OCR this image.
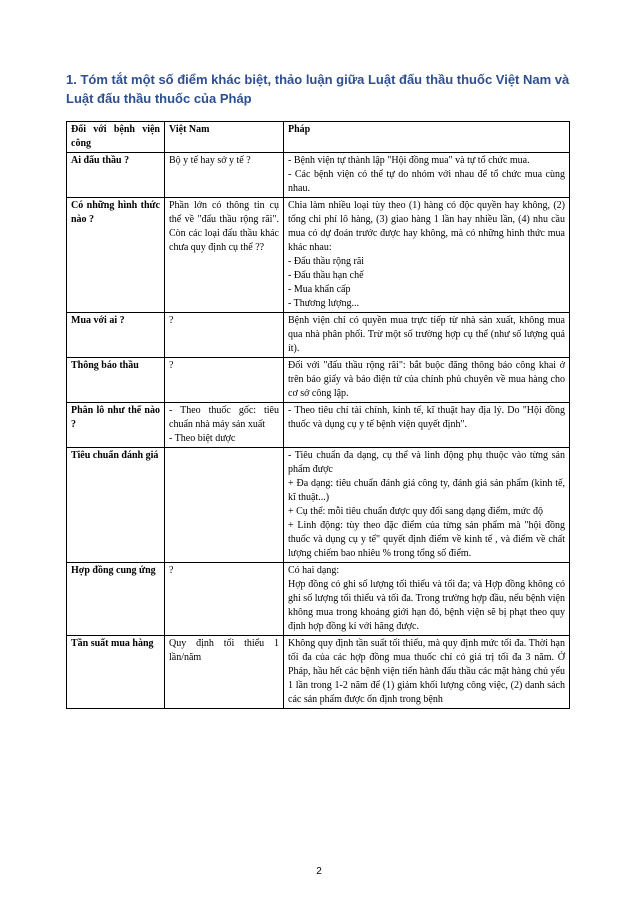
1. Tóm tắt một số điểm khác biệt, thảo luận giữa Luật đấu thầu thuốc Việt Nam và Luật đấu thầu thuốc của Pháp
Đối với bệnh viện công	Việt Nam	Pháp
Ai đấu thầu ?	Bộ y tế hay sở y tế ?	- Bệnh viện tự thành lập "Hội đồng mua" và tự tổ chức mua.
- Các bệnh viện có thể tự do nhóm với nhau để tổ chức mua cùng nhau.

Có những hình thức nào ?	Phần lớn có thông tin cụ thể về "đấu thầu rộng rãi". Còn các loại đấu thầu khác chưa quy định cụ thể ??	Chia làm nhiều loại tùy theo (1) hàng có độc quyền hay không, (2) tổng chi phí lô hàng, (3) giao hàng 1 lần hay nhiều lần, (4) nhu cầu mua có dự đoán trước được hay không, mà có những hình thức mua khác nhau:
- Đấu thầu rộng rãi
- Đấu thầu hạn chế
- Mua khẩn cấp
- Thương lượng...

Mua với ai ?	?	Bệnh viện chỉ có quyền mua trực tiếp từ nhà sản xuất, không mua qua nhà phân phối. Trừ một số trường hợp cụ thể (như số lượng quá ít).

Thông báo thầu	?	Đối với "đấu thầu rộng rãi": bắt buộc đăng thông báo công khai ở trên báo giấy và báo điện tử của chính phủ chuyên về mua hàng cho cơ sở công lập.

Phân lô như thế nào ?	- Theo thuốc gốc: tiêu chuẩn nhà máy sản xuất
- Theo biệt dược	- Theo tiêu chí tài chính, kinh tế, kĩ thuật hay địa lý. Do "Hội đồng thuốc và dụng cụ y tế bệnh viện quyết định".

Tiêu chuẩn đánh giá		- Tiêu chuẩn đa dạng, cụ thể và linh động phụ thuộc vào từng sản phẩm được
+ Đa dạng: tiêu chuẩn đánh giá công ty, đánh giá sản phẩm (kinh tế, kĩ thuật...)
+ Cụ thể: mỗi tiêu chuẩn được quy đổi sang dạng điểm, mức độ
+ Linh động: tùy theo đặc điểm của từng sản phẩm mà "hội đồng thuốc và dụng cụ y tế" quyết định điểm về kinh tế , và điểm về chất lượng chiếm bao nhiêu % trong tổng số điểm.

Hợp đồng cung ứng	?	Có hai dạng:
Hợp đồng có ghi số lượng tối thiểu và tối đa; và Hợp đồng không có ghi số lượng tối thiểu và tối đa. Trong trường hợp đầu, nếu bệnh viện không mua trong khoảng giới hạn đó, bệnh viện sẽ bị phạt theo quy định hợp đồng kí với hãng được.

Tần suất mua hàng	Quy định tối thiểu 1 lần/năm	Không quy định tần suất tối thiểu, mà quy định mức tối đa. Thời hạn tối đa của các hợp đồng mua thuốc chỉ có giá trị tối đa 3 năm. Ở Pháp, hầu hết các bệnh viện tiến hành đấu thầu các mặt hàng chủ yếu 1 lần trong 1-2 năm để (1) giảm khối lượng công việc, (2) danh sách các sản phẩm được ổn định trong bệnh
2
